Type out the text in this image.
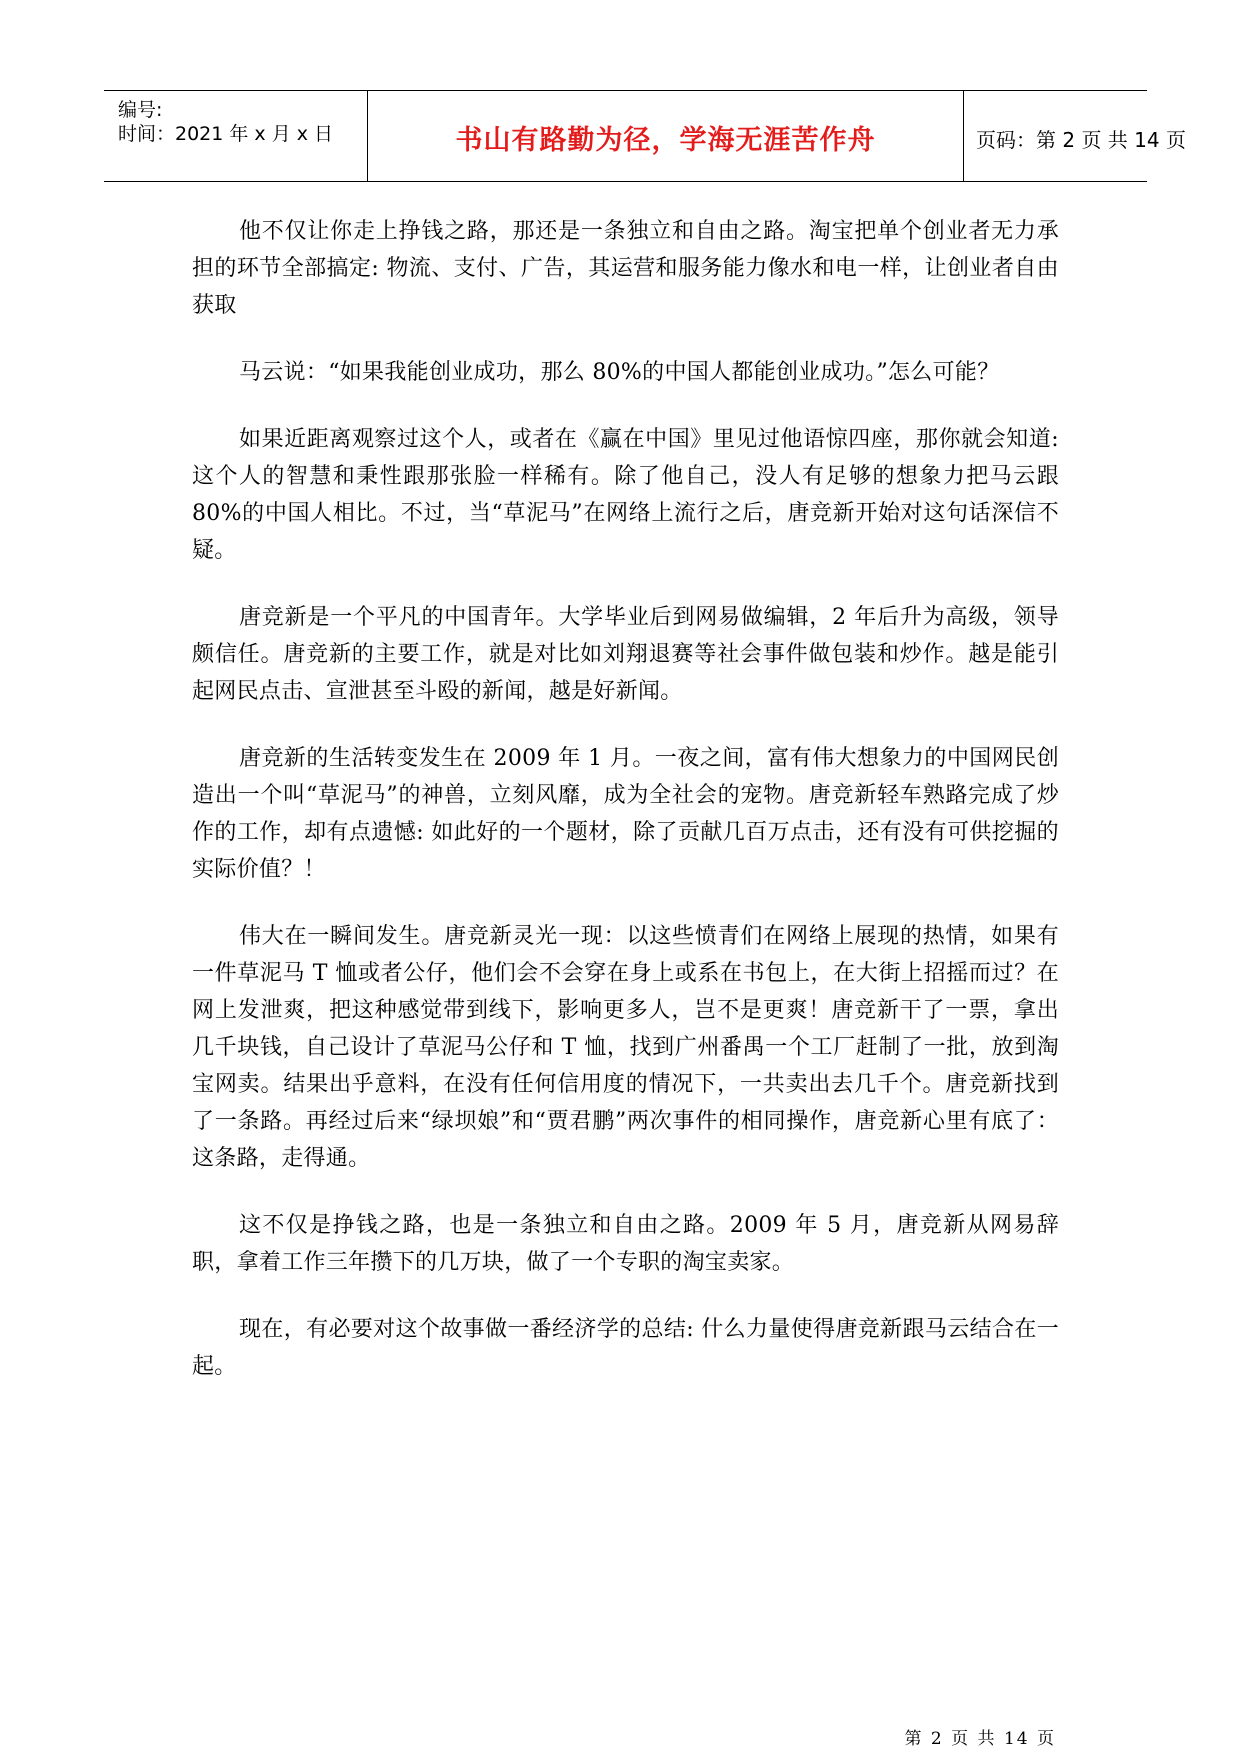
编号:
时间：2021 年 x 月 x 日	书山有路勤为径，学海无涯苦作舟	页码：第 2 页 共 14 页

他不仅让你走上挣钱之路，那还是一条独立和自由之路。淘宝把单个创业者无力承担的环节全部搞定: 物流、支付、广告，其运营和服务能力像水和电一样，让创业者自由获取

马云说：“如果我能创业成功，那么 80%的中国人都能创业成功。”怎么可能？

如果近距离观察过这个人，或者在《赢在中国》里见过他语惊四座，那你就会知道: 这个人的智慧和秉性跟那张脸一样稀有。除了他自己，没人有足够的想象力把马云跟 80%的中国人相比。不过，当“草泥马”在网络上流行之后，唐竞新开始对这句话深信不疑。

唐竞新是一个平凡的中国青年。大学毕业后到网易做编辑，2 年后升为高级，领导颇信任。唐竞新的主要工作，就是对比如刘翔退赛等社会事件做包装和炒作。越是能引起网民点击、宣泄甚至斗殴的新闻，越是好新闻。

唐竞新的生活转变发生在 2009 年 1 月。一夜之间，富有伟大想象力的中国网民创造出一个叫“草泥马”的神兽，立刻风靡，成为全社会的宠物。唐竞新轻车熟路完成了炒作的工作，却有点遗憾: 如此好的一个题材，除了贡献几百万点击，还有没有可供挖掘的实际价值？！

伟大在一瞬间发生。唐竞新灵光一现：以这些愤青们在网络上展现的热情，如果有一件草泥马 T 恤或者公仔，他们会不会穿在身上或系在书包上，在大街上招摇而过？在网上发泄爽，把这种感觉带到线下，影响更多人，岂不是更爽！唐竞新干了一票，拿出几千块钱，自己设计了草泥马公仔和 T 恤，找到广州番禺一个工厂赶制了一批，放到淘宝网卖。结果出乎意料，在没有任何信用度的情况下，一共卖出去几千个。唐竞新找到了一条路。再经过后来“绿坝娘”和“贾君鹏”两次事件的相同操作，唐竞新心里有底了：这条路，走得通。

这不仅是挣钱之路，也是一条独立和自由之路。2009 年 5 月，唐竞新从网易辞职，拿着工作三年攒下的几万块，做了一个专职的淘宝卖家。

现在，有必要对这个故事做一番经济学的总结: 什么力量使得唐竞新跟马云结合在一起。

第 2 页 共 14 页
